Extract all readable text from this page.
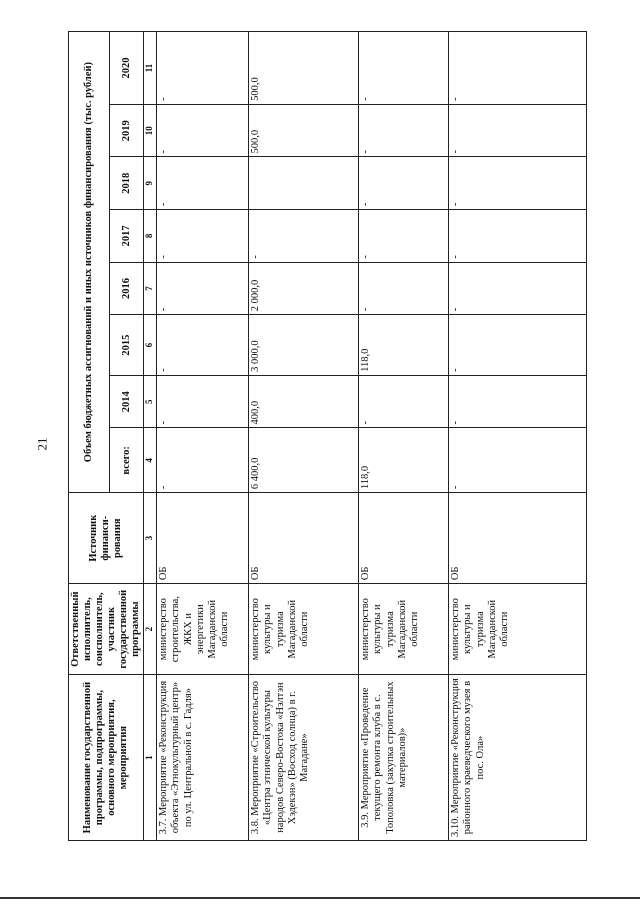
21
Наименование государственной программы, подпрограммы, основного мероприятия, мероприятия	Ответственный исполнитель, соисполнитель, участник государственной программы	Источник финанси-рования	Объем бюджетных ассигнований и иных источников финансирования (тыс. рублей)							
			всего:	2014	2015	2016	2017	2018	2019	2020
1	2	3	4	5	6	7	8	9	10	11
3.7. Мероприятие «Реконструкция объекта «Этнокультурный центр» по ул. Центральной в с. Гадля»	министерство строительства, ЖКХ и энергетики Магаданской области	ОБ	-	-	-	-	-	-	-	-
3.8. Мероприятие «Строительство «Центра этнической культуры народов Северо-Востока «Нэлтэн Хэдекэн» (Восход солнца) в г. Магадане»	министерство культуры и туризма Магаданской области	ОБ	6 400,0	400,0	3 000,0	2 000,0	-		500,0	500,0
3.9. Мероприятие «Проведение текущего ремонта клуба в с. Тополовка (закупка строительных материалов)»	министерство культуры и туризма Магаданской области	ОБ	118,0	-	118,0	-	-	-	-	-
3.10. Мероприятие «Реконструкция районного краеведческого музея в пос. Ола»	министерство культуры и туризма Магаданской области	ОБ	-	-	-	-	-	-	-	-
